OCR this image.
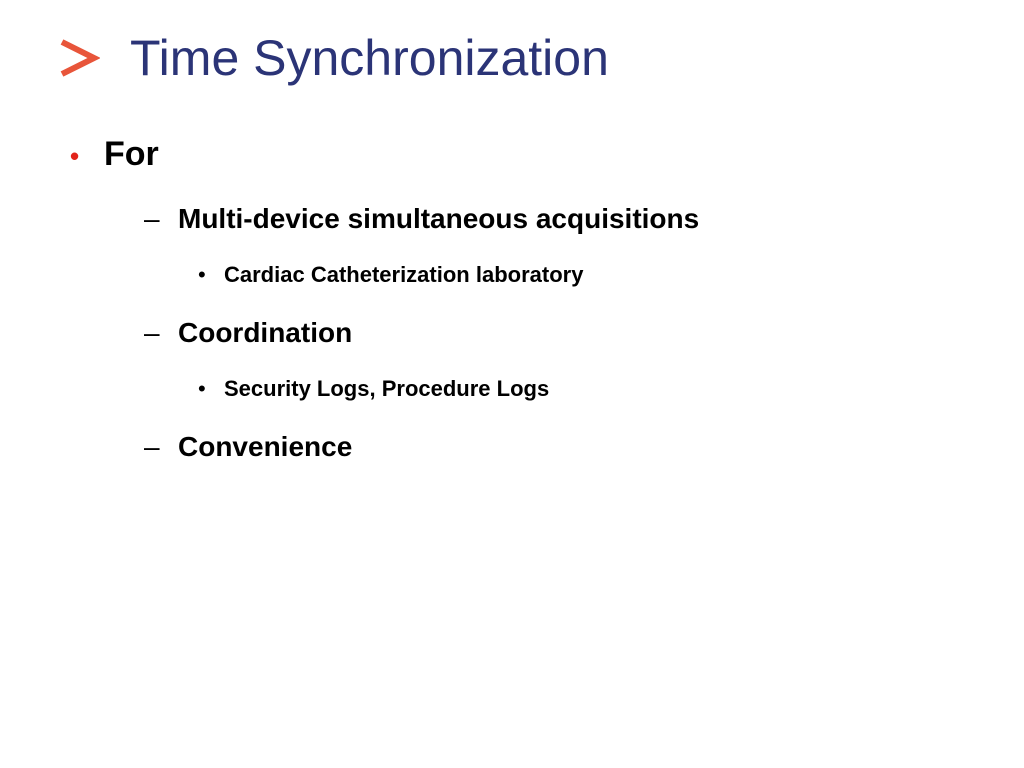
Time Synchronization
• For
– Multi-device simultaneous acquisitions
• Cardiac Catheterization laboratory
– Coordination
• Security Logs, Procedure Logs
– Convenience
